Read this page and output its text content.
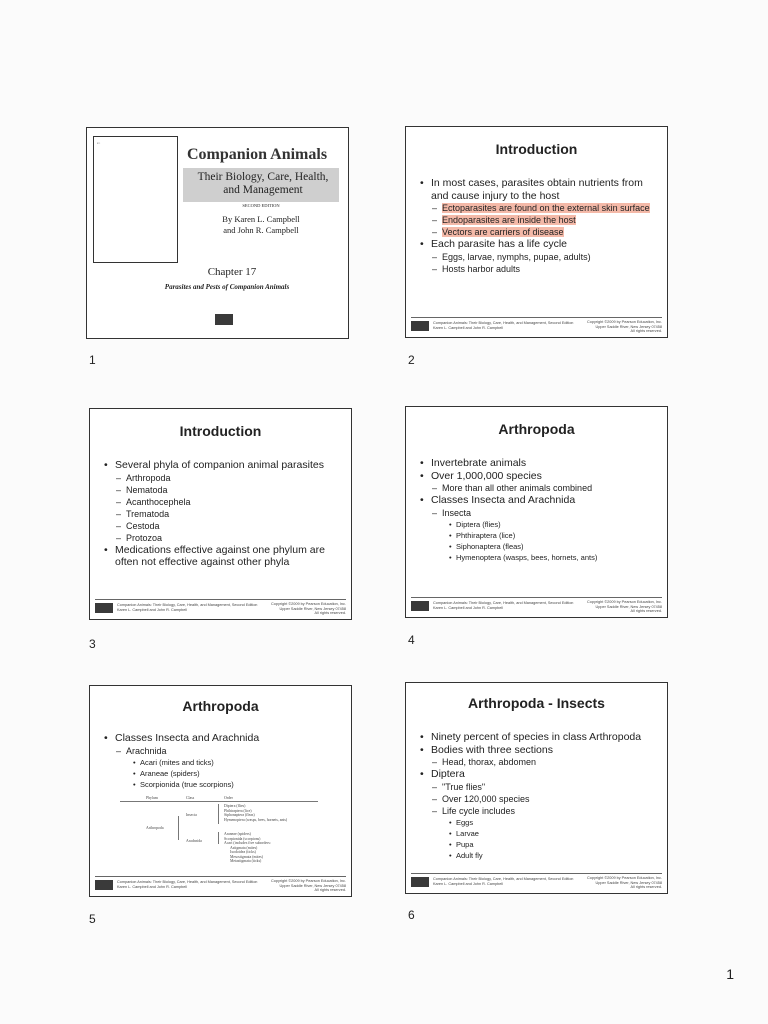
▪▫▫
Companion Animals
Their Biology, Care, Health, and Management
SECOND EDITION
By Karen L. Campbell
and John R. Campbell
Chapter 17
Parasites and Pests of Companion Animals
1
Introduction
• In most cases, parasites obtain nutrients from and cause injury to the host
– Ectoparasites are found on the external skin surface
– Endoparasites are inside the host
– Vectors are carriers of disease
• Each parasite has a life cycle
– Eggs, larvae, nymphs, pupae, adults)
– Hosts harbor adults
Companion Animals: Their Biology, Care, Health, and Management, Second Edition
Karen L. Campbell and John R. Campbell
Copyright ©2009 by Pearson Education, Inc.
Upper Saddle River, New Jersey 07458
All rights reserved.
2
Introduction
• Several phyla of companion animal parasites
– Arthropoda
– Nematoda
– Acanthocephela
– Trematoda
– Cestoda
– Protozoa
• Medications effective against one phylum are often not effective against other phyla
Companion Animals: Their Biology, Care, Health, and Management, Second Edition
Karen L. Campbell and John R. Campbell
Copyright ©2009 by Pearson Education, Inc.
Upper Saddle River, New Jersey 07458
All rights reserved.
3
Arthropoda
• Invertebrate animals
• Over 1,000,000 species
– More than all other animals combined
• Classes Insecta and Arachnida
– Insecta
• Diptera (flies)
• Phthiraptera (lice)
• Siphonaptera (fleas)
• Hymenoptera (wasps, bees, hornets, ants)
Companion Animals: Their Biology, Care, Health, and Management, Second Edition
Karen L. Campbell and John R. Campbell
Copyright ©2009 by Pearson Education, Inc.
Upper Saddle River, New Jersey 07458
All rights reserved.
4
Arthropoda
• Classes Insecta and Arachnida
– Arachnida
• Acari (mites and ticks)
• Araneae (spiders)
• Scorpionida (true scorpions)
Phylum	Class	Order
Arthropoda
Insecta
Arachnida
Diptera (flies)
Phthiraptera (lice)
Siphonaptera (fleas)
Hymenoptera (wasps, bees, hornets, ants)
Araneae (spiders)
Scorpionida (scorpions)
Acari (includes five suborders:
Astigmata (mites)
Ixodoidea (ticks)
Mesostigmata (mites)
Metastigmata (ticks)
Companion Animals: Their Biology, Care, Health, and Management, Second Edition
Karen L. Campbell and John R. Campbell
Copyright ©2009 by Pearson Education, Inc.
Upper Saddle River, New Jersey 07458
All rights reserved.
5
Arthropoda - Insects
• Ninety percent of species in class Arthropoda
• Bodies with three sections
– Head, thorax, abdomen
• Diptera
– "True flies"
– Over 120,000 species
– Life cycle includes
• Eggs
• Larvae
• Pupa
• Adult fly
Companion Animals: Their Biology, Care, Health, and Management, Second Edition
Karen L. Campbell and John R. Campbell
Copyright ©2009 by Pearson Education, Inc.
Upper Saddle River, New Jersey 07458
All rights reserved.
6
1
